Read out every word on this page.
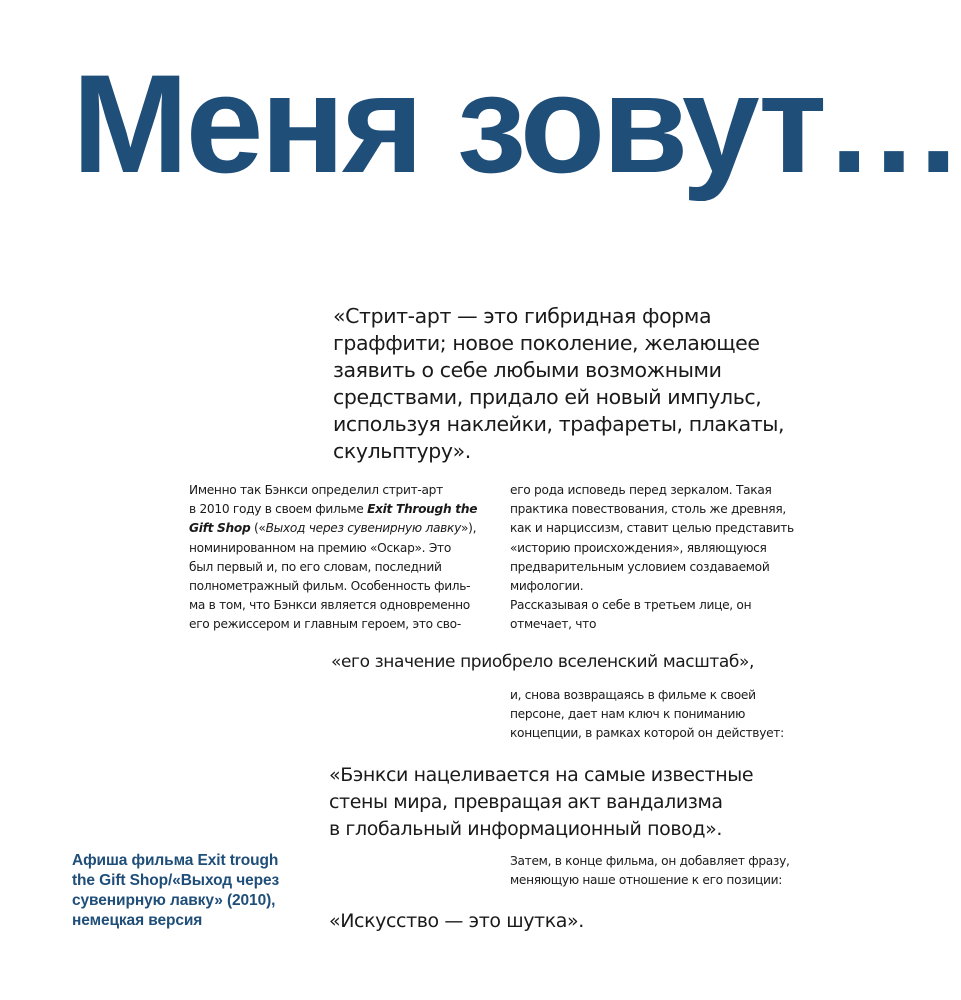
Меня зовут…
«Стрит-арт — это гибридная форма
граффити; новое поколение, желающее
заявить о себе любыми возможными
средствами, придало ей новый импульс,
используя наклейки, трафареты, плакаты,
скульптуру».

Именно так Бэнкси определил стрит-арт
в 2010 году в своем фильме Exit Through the
Gift Shop («Выход через сувенирную лавку»),
номинированном на премию «Оскар». Это
был первый и, по его словам, последний
полнометражный фильм. Особенность филь-
ма в том, что Бэнкси является одновременно
его режиссером и главным героем, это сво-

его рода исповедь перед зеркалом. Такая
практика повествования, столь же древняя,
как и нарциссизм, ставит целью представить
«историю происхождения», являющуюся
предварительным условием создаваемой
мифологии.
Рассказывая о себе в третьем лице, он
отмечает, что

«его значение приобрело вселенский масштаб»,

и, снова возвращаясь в фильме к своей
персоне, дает нам ключ к пониманию
концепции, в рамках которой он действует:

«Бэнкси нацеливается на самые известные
стены мира, превращая акт вандализма
в глобальный информационный повод».

Афиша фильма Exit trough
the Gift Shop/«Выход через
сувенирную лавку» (2010),
немецкая версия

Затем, в конце фильма, он добавляет фразу,
меняющую наше отношение к его позиции:

«Искусство — это шутка».
